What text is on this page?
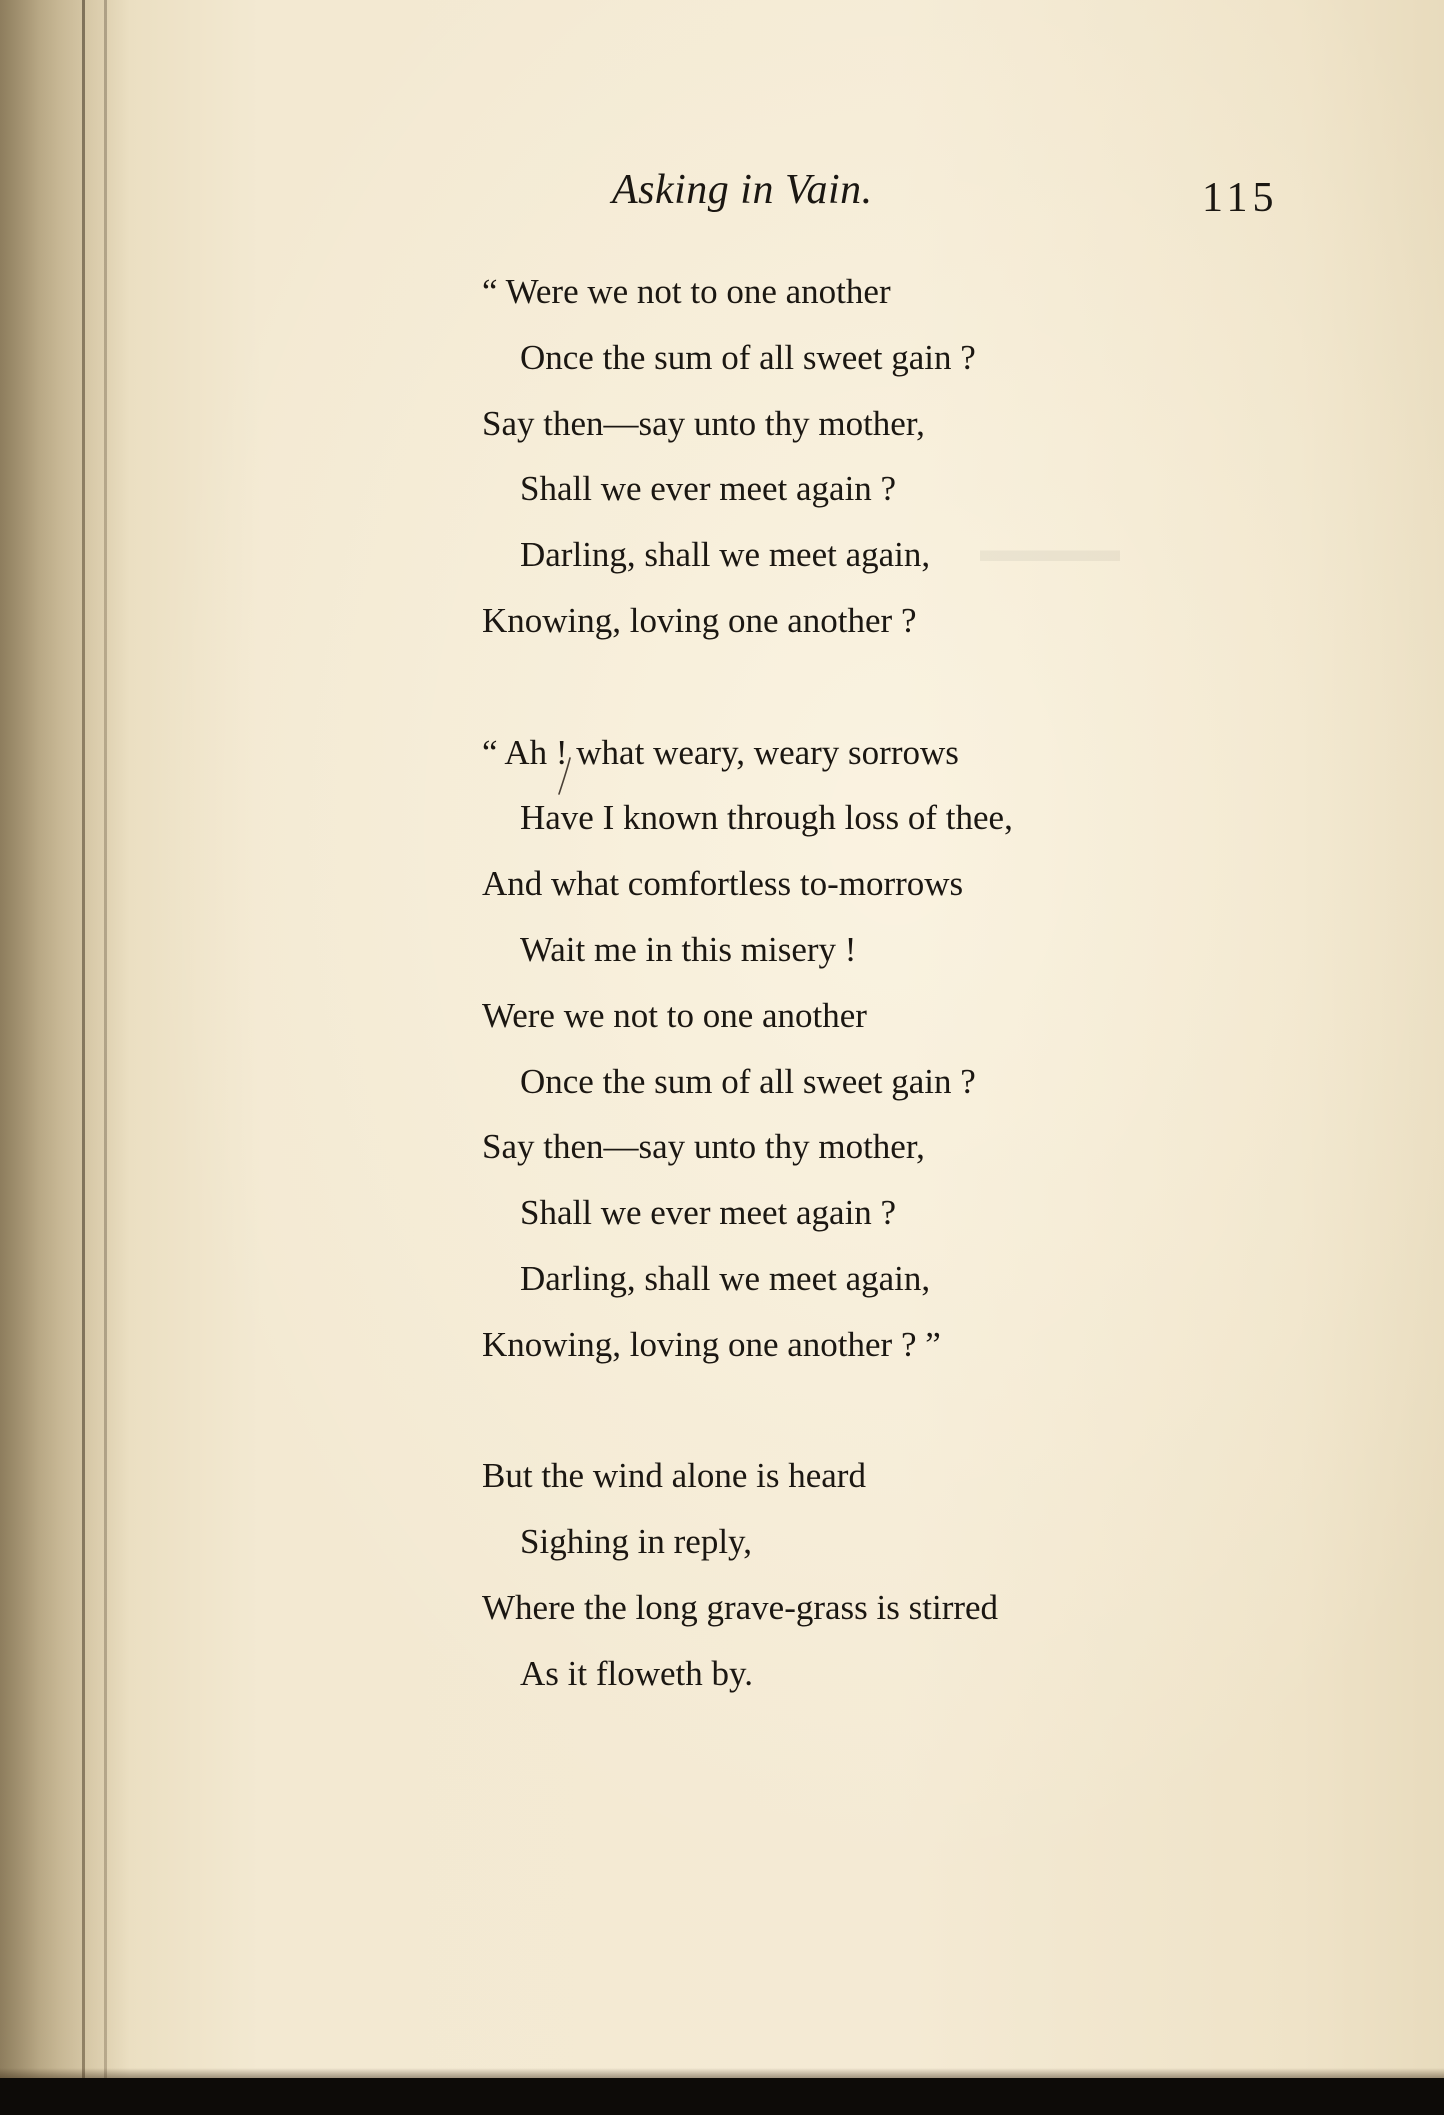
▬▬▬▬
Asking in Vain.	115
“ Were we not to one another
Once the sum of all sweet gain ?
Say then—say unto thy mother,
Shall we ever meet again ?
Darling, shall we meet again,
Knowing, loving one another ?
“ Ah ! what weary, weary sorrows
Have I known through loss of thee,
And what comfortless to-morrows
Wait me in this misery !
Were we not to one another
Once the sum of all sweet gain ?
Say then—say unto thy mother,
Shall we ever meet again ?
Darling, shall we meet again,
Knowing, loving one another ? ”
But the wind alone is heard
Sighing in reply,
Where the long grave-grass is stirred
As it floweth by.
